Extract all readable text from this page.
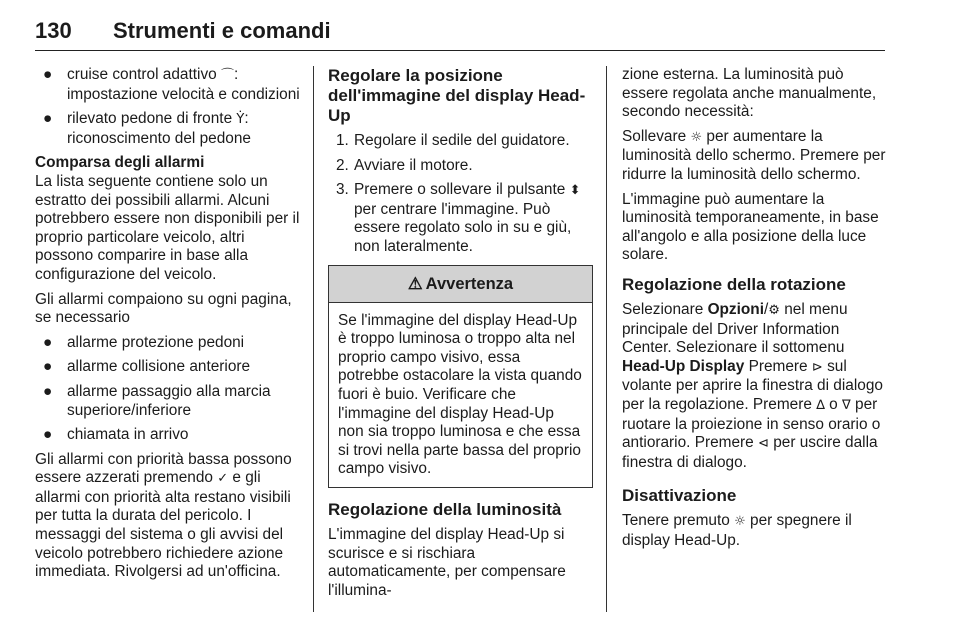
130 Strumenti e comandi
● cruise control adattivo ⌒: impostazione velocità e condizioni
● rilevato pedone di fronte Ẏ: riconoscimento del pedone
Comparsa degli allarmi

La lista seguente contiene solo un estratto dei possibili allarmi. Alcuni potrebbero essere non disponibili per il proprio particolare veicolo, altri possono comparire in base alla configurazione del veicolo.

Gli allarmi compaiono su ogni pagina, se necessario

● allarme protezione pedoni
● allarme collisione anteriore
● allarme passaggio alla marcia superiore/inferiore
● chiamata in arrivo

Gli allarmi con priorità bassa possono essere azzerati premendo ✓ e gli allarmi con priorità alta restano visibili per tutta la durata del pericolo. I messaggi del sistema o gli avvisi del veicolo potrebbero richiedere azione immediata. Rivolgersi ad un'officina.

Regolare la posizione dell'immagine del display Head-Up
1. Regolare il sedile del guidatore.
2. Avviare il motore.
3. Premere o sollevare il pulsante ⬍ per centrare l'immagine. Può essere regolato solo in su e giù, non lateralmente.
⚠ Avvertenza
Se l'immagine del display Head-Up è troppo luminosa o troppo alta nel proprio campo visivo, essa potrebbe ostacolare la vista quando fuori è buio. Verificare che l'immagine del display Head-Up non sia troppo luminosa e che essa si trovi nella parte bassa del proprio campo visivo.
Regolazione della luminosità

L'immagine del display Head-Up si scurisce e si rischiara automaticamente, per compensare l'illumina-

zione esterna. La luminosità può essere regolata anche manualmente, secondo necessità:

Sollevare ☼ per aumentare la luminosità dello schermo. Premere per ridurre la luminosità dello schermo.

L'immagine può aumentare la luminosità temporaneamente, in base all'angolo e alla posizione della luce solare.

Regolazione della rotazione

Selezionare Opzioni/⚙ nel menu principale del Driver Information Center. Selezionare il sottomenu Head-Up Display Premere ⊳ sul volante per aprire la finestra di dialogo per la regolazione. Premere ∆ o ∇ per ruotare la proiezione in senso orario o antiorario. Premere ⊲ per uscire dalla finestra di dialogo.

Disattivazione

Tenere premuto ☼ per spegnere il display Head-Up.
